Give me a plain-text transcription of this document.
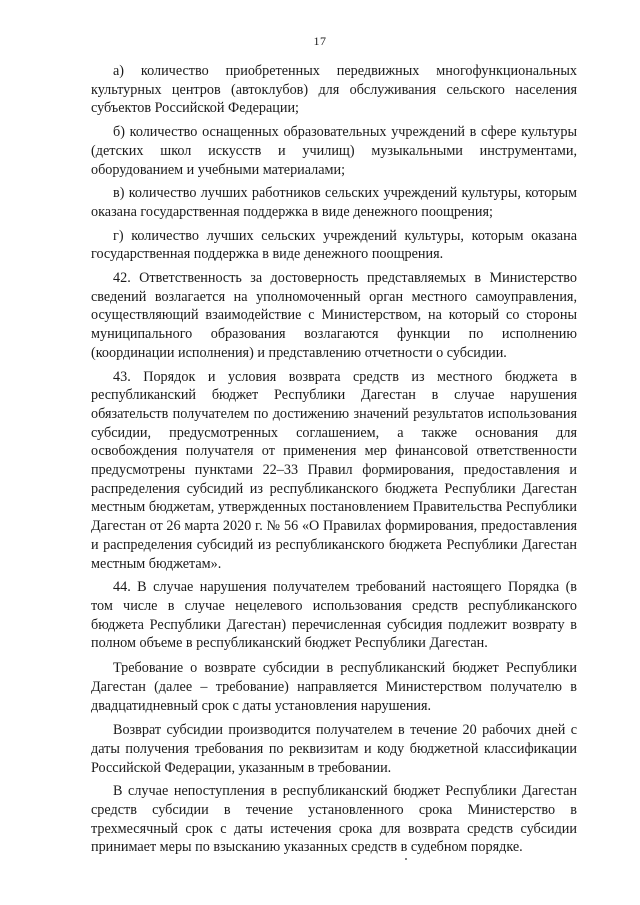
17

а) количество приобретенных передвижных многофункциональных культурных центров (автоклубов) для обслуживания сельского населения субъектов Российской Федерации;

б) количество оснащенных образовательных учреждений в сфере культуры (детских школ искусств и училищ) музыкальными инструментами, оборудованием и учебными материалами;

в) количество лучших работников сельских учреждений культуры, которым оказана государственная поддержка в виде денежного поощрения;

г) количество лучших сельских учреждений культуры, которым оказана государственная поддержка в виде денежного поощрения.

42. Ответственность за достоверность представляемых в Министерство сведений возлагается на уполномоченный орган местного самоуправления, осуществляющий взаимодействие с Министерством, на который со стороны муниципального образования возлагаются функции по исполнению (координации исполнения) и представлению отчетности о субсидии.

43. Порядок и условия возврата средств из местного бюджета в республиканский бюджет Республики Дагестан в случае нарушения обязательств получателем по достижению значений результатов использования субсидии, предусмотренных соглашением, а также основания для освобождения получателя от применения мер финансовой ответственности предусмотрены пунктами 22–33 Правил формирования, предоставления и распределения субсидий из республиканского бюджета Республики Дагестан местным бюджетам, утвержденных постановлением Правительства Республики Дагестан от 26 марта 2020 г. № 56 «О Правилах формирования, предоставления и распределения субсидий из республиканского бюджета Республики Дагестан местным бюджетам».

44. В случае нарушения получателем требований настоящего Порядка (в том числе в случае нецелевого использования средств республиканского бюджета Республики Дагестан) перечисленная субсидия подлежит возврату в полном объеме в республиканский бюджет Республики Дагестан.

Требование о возврате субсидии в республиканский бюджет Республики Дагестан (далее – требование) направляется Министерством получателю в двадцатидневный срок с даты установления нарушения.

Возврат субсидии производится получателем в течение 20 рабочих дней с даты получения требования по реквизитам и коду бюджетной классификации Российской Федерации, указанным в требовании.

В случае непоступления в республиканский бюджет Республики Дагестан средств субсидии в течение установленного срока Министерство в трехмесячный срок с даты истечения срока для возврата средств субсидии принимает меры по взысканию указанных средств в судебном порядке.
